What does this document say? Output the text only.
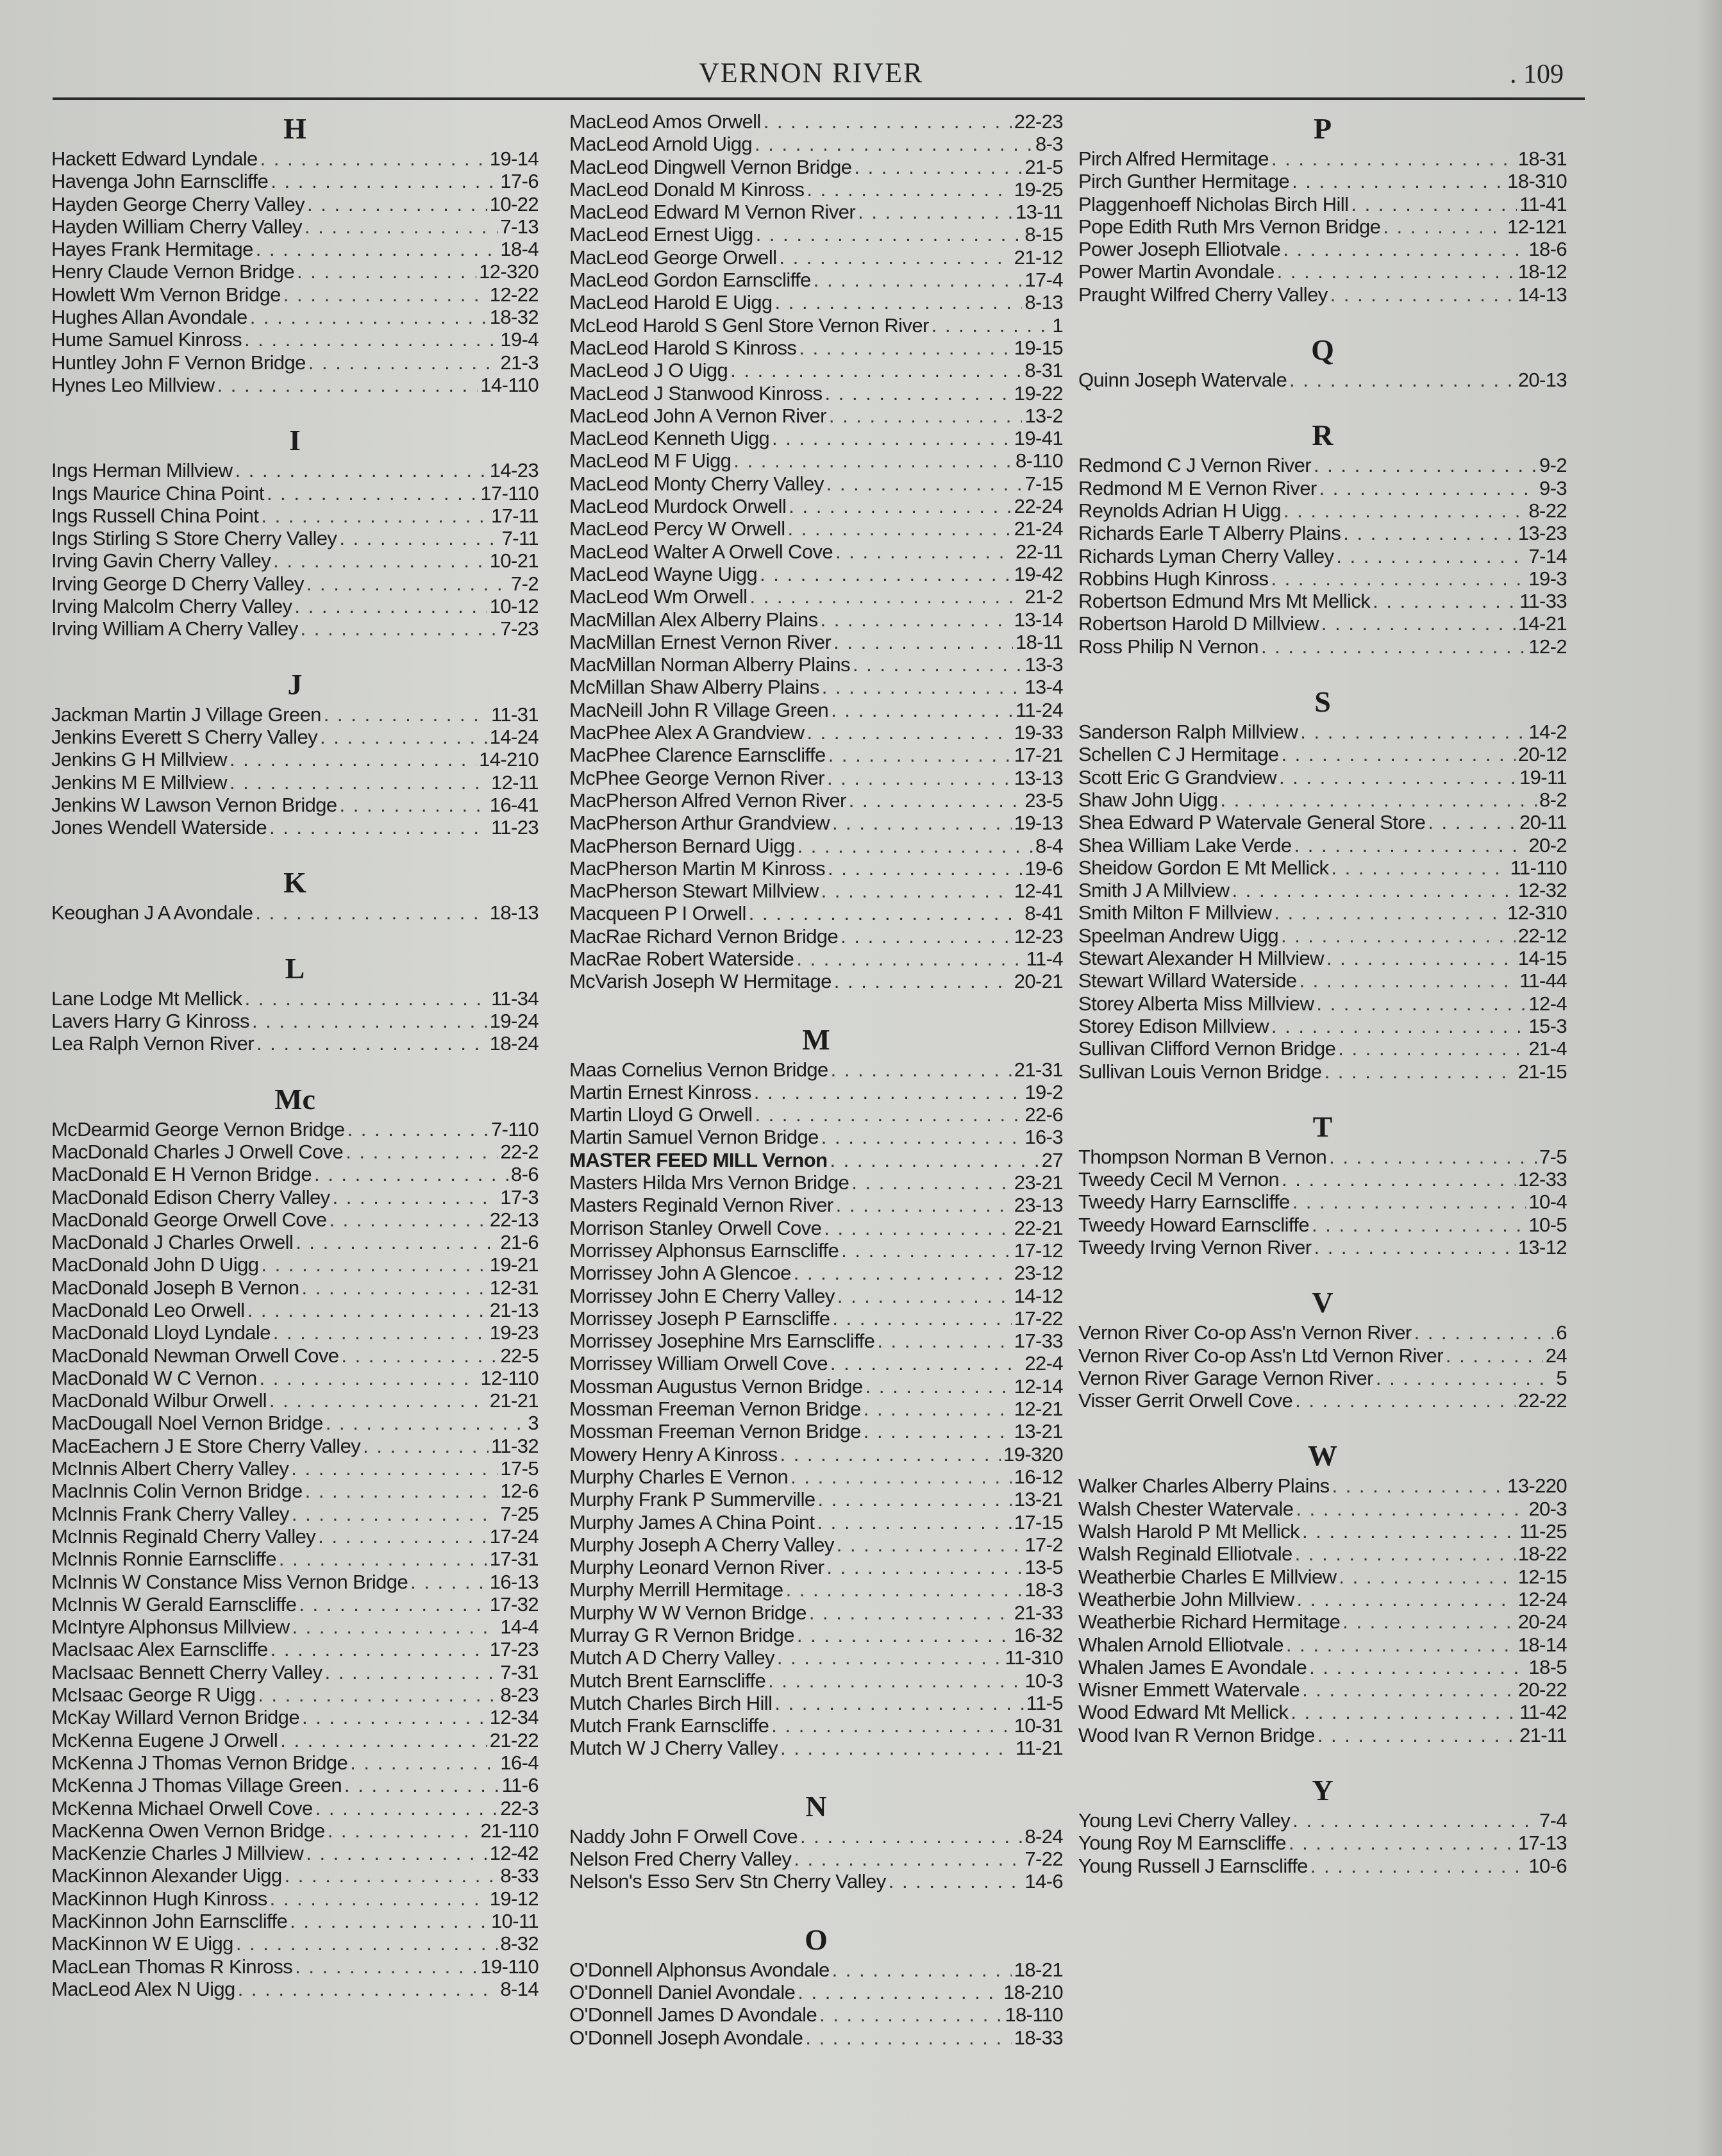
VERNON RIVER	. 109
H
Hackett Edward Lyndale . . .	19-14
Havenga John Earnscliffe . . .	17-6
Hayden George Cherry Valley . . .	10-22
Hayden William Cherry Valley . . .	7-13
Hayes Frank Hermitage . . .	18-4
Henry Claude Vernon Bridge . . .	12-320
Howlett Wm Vernon Bridge . . .	12-22
Hughes Allan Avondale . . .	18-32
Hume Samuel Kinross . . .	19-4
Huntley John F Vernon Bridge . . .	21-3
Hynes Leo Millview . . .	14-110
I
Ings Herman Millview . . .	14-23
Ings Maurice China Point . . .	17-110
Ings Russell China Point . . .	17-11
Ings Stirling S Store Cherry Valley . . .	7-11
Irving Gavin Cherry Valley . . .	10-21
Irving George D Cherry Valley . . .	7-2
Irving Malcolm Cherry Valley . . .	10-12
Irving William A Cherry Valley . . .	7-23
J
Jackman Martin J Village Green . . .	11-31
Jenkins Everett S Cherry Valley . . .	14-24
Jenkins G H Millview . . .	14-210
Jenkins M E Millview . . .	12-11
Jenkins W Lawson Vernon Bridge . . .	16-41
Jones Wendell Waterside . . .	11-23
K
Keoughan J A Avondale . . .	18-13
L
Lane Lodge Mt Mellick . . .	11-34
Lavers Harry G Kinross . . .	19-24
Lea Ralph Vernon River . . .	18-24
Mc
McDearmid George Vernon Bridge . . .	7-110
MacDonald Charles J Orwell Cove . . .	22-2
MacDonald E H Vernon Bridge . . .	8-6
MacDonald Edison Cherry Valley . . .	17-3
MacDonald George Orwell Cove . . .	22-13
MacDonald J Charles Orwell . . .	21-6
MacDonald John D Uigg . . .	19-21
MacDonald Joseph B Vernon . . .	12-31
MacDonald Leo Orwell . . .	21-13
MacDonald Lloyd Lyndale . . .	19-23
MacDonald Newman Orwell Cove . . .	22-5
MacDonald W C Vernon . . .	12-110
MacDonald Wilbur Orwell . . .	21-21
MacDougall Noel Vernon Bridge . . .	3
MacEachern J E Store Cherry Valley . . .	11-32
McInnis Albert Cherry Valley . . .	17-5
MacInnis Colin Vernon Bridge . . .	12-6
McInnis Frank Cherry Valley . . .	7-25
McInnis Reginald Cherry Valley . . .	17-24
McInnis Ronnie Earnscliffe . . .	17-31
McInnis W Constance Miss Vernon Bridge . . .	16-13
McInnis W Gerald Earnscliffe . . .	17-32
McIntyre Alphonsus Millview . . .	14-4
MacIsaac Alex Earnscliffe . . .	17-23
MacIsaac Bennett Cherry Valley . . .	7-31
McIsaac George R Uigg . . .	8-23
McKay Willard Vernon Bridge . . .	12-34
McKenna Eugene J Orwell . . .	21-22
McKenna J Thomas Vernon Bridge . . .	16-4
McKenna J Thomas Village Green . . .	11-6
McKenna Michael Orwell Cove . . .	22-3
MacKenna Owen Vernon Bridge . . .	21-110
MacKenzie Charles J Millview . . .	12-42
MacKinnon Alexander Uigg . . .	8-33
MacKinnon Hugh Kinross . . .	19-12
MacKinnon John Earnscliffe . . .	10-11
MacKinnon W E Uigg . . .	8-32
MacLean Thomas R Kinross . . .	19-110
MacLeod Alex N Uigg . . .	8-14
MacLeod Amos Orwell . . .	22-23
MacLeod Arnold Uigg . . .	8-3
MacLeod Dingwell Vernon Bridge . . .	21-5
MacLeod Donald M Kinross . . .	19-25
MacLeod Edward M Vernon River . . .	13-11
MacLeod Ernest Uigg . . .	8-15
MacLeod George Orwell . . .	21-12
MacLeod Gordon Earnscliffe . . .	17-4
MacLeod Harold E Uigg . . .	8-13
McLeod Harold S Genl Store Vernon River . . .	1
MacLeod Harold S Kinross . . .	19-15
MacLeod J O Uigg . . .	8-31
MacLeod J Stanwood Kinross . . .	19-22
MacLeod John A Vernon River . . .	13-2
MacLeod Kenneth Uigg . . .	19-41
MacLeod M F Uigg . . .	8-110
MacLeod Monty Cherry Valley . . .	7-15
MacLeod Murdock Orwell . . .	22-24
MacLeod Percy W Orwell . . .	21-24
MacLeod Walter A Orwell Cove . . .	22-11
MacLeod Wayne Uigg . . .	19-42
MacLeod Wm Orwell . . .	21-2
MacMillan Alex Alberry Plains . . .	13-14
MacMillan Ernest Vernon River . . .	18-11
MacMillan Norman Alberry Plains . . .	13-3
McMillan Shaw Alberry Plains . . .	13-4
MacNeill John R Village Green . . .	11-24
MacPhee Alex A Grandview . . .	19-33
MacPhee Clarence Earnscliffe . . .	17-21
McPhee George Vernon River . . .	13-13
MacPherson Alfred Vernon River . . .	23-5
MacPherson Arthur Grandview . . .	19-13
MacPherson Bernard Uigg . . .	8-4
MacPherson Martin M Kinross . . .	19-6
MacPherson Stewart Millview . . .	12-41
Macqueen P I Orwell . . .	8-41
MacRae Richard Vernon Bridge . . .	12-23
MacRae Robert Waterside . . .	11-4
McVarish Joseph W Hermitage . . .	20-21
M
Maas Cornelius Vernon Bridge . . .	21-31
Martin Ernest Kinross . . .	19-2
Martin Lloyd G Orwell . . .	22-6
Martin Samuel Vernon Bridge . . .	16-3
MASTER FEED MILL Vernon . . .	27
Masters Hilda Mrs Vernon Bridge . . .	23-21
Masters Reginald Vernon River . . .	23-13
Morrison Stanley Orwell Cove . . .	22-21
Morrissey Alphonsus Earnscliffe . . .	17-12
Morrissey John A Glencoe . . .	23-12
Morrissey John E Cherry Valley . . .	14-12
Morrissey Joseph P Earnscliffe . . .	17-22
Morrissey Josephine Mrs Earnscliffe . . .	17-33
Morrissey William Orwell Cove . . .	22-4
Mossman Augustus Vernon Bridge . . .	12-14
Mossman Freeman Vernon Bridge . . .	12-21
Mossman Freeman Vernon Bridge . . .	13-21
Mowery Henry A Kinross . . .	19-320
Murphy Charles E Vernon . . .	16-12
Murphy Frank P Summerville . . .	13-21
Murphy James A China Point . . .	17-15
Murphy Joseph A Cherry Valley . . .	17-2
Murphy Leonard Vernon River . . .	13-5
Murphy Merrill Hermitage . . .	18-3
Murphy W W Vernon Bridge . . .	21-33
Murray G R Vernon Bridge . . .	16-32
Mutch A D Cherry Valley . . .	11-310
Mutch Brent Earnscliffe . . .	10-3
Mutch Charles Birch Hill . . .	11-5
Mutch Frank Earnscliffe . . .	10-31
Mutch W J Cherry Valley . . .	11-21
N
Naddy John F Orwell Cove . . .	8-24
Nelson Fred Cherry Valley . . .	7-22
Nelson's Esso Serv Stn Cherry Valley . . .	14-6
O
O'Donnell Alphonsus Avondale . . .	18-21
O'Donnell Daniel Avondale . . .	18-210
O'Donnell James D Avondale . . .	18-110
O'Donnell Joseph Avondale . . .	18-33
P
Pirch Alfred Hermitage . . .	18-31
Pirch Gunther Hermitage . . .	18-310
Plaggenhoeff Nicholas Birch Hill . . .	11-41
Pope Edith Ruth Mrs Vernon Bridge . . .	12-121
Power Joseph Elliotvale . . .	18-6
Power Martin Avondale . . .	18-12
Praught Wilfred Cherry Valley . . .	14-13
Q
Quinn Joseph Watervale . . .	20-13
R
Redmond C J Vernon River . . .	9-2
Redmond M E Vernon River . . .	9-3
Reynolds Adrian H Uigg . . .	8-22
Richards Earle T Alberry Plains . . .	13-23
Richards Lyman Cherry Valley . . .	7-14
Robbins Hugh Kinross . . .	19-3
Robertson Edmund Mrs Mt Mellick . . .	11-33
Robertson Harold D Millview . . .	14-21
Ross Philip N Vernon . . .	12-2
S
Sanderson Ralph Millview . . .	14-2
Schellen C J Hermitage . . .	20-12
Scott Eric G Grandview . . .	19-11
Shaw John Uigg . . .	8-2
Shea Edward P Watervale General Store . . .	20-11
Shea William Lake Verde . . .	20-2
Sheidow Gordon E Mt Mellick . . .	11-110
Smith J A Millview . . .	12-32
Smith Milton F Millview . . .	12-310
Speelman Andrew Uigg . . .	22-12
Stewart Alexander H Millview . . .	14-15
Stewart Willard Waterside . . .	11-44
Storey Alberta Miss Millview . . .	12-4
Storey Edison Millview . . .	15-3
Sullivan Clifford Vernon Bridge . . .	21-4
Sullivan Louis Vernon Bridge . . .	21-15
T
Thompson Norman B Vernon . . .	7-5
Tweedy Cecil M Vernon . . .	12-33
Tweedy Harry Earnscliffe . . .	10-4
Tweedy Howard Earnscliffe . . .	10-5
Tweedy Irving Vernon River . . .	13-12
V
Vernon River Co-op Ass'n Vernon River . . .	6
Vernon River Co-op Ass'n Ltd Vernon River . . .	24
Vernon River Garage Vernon River . . .	5
Visser Gerrit Orwell Cove . . .	22-22
W
Walker Charles Alberry Plains . . .	13-220
Walsh Chester Watervale . . .	20-3
Walsh Harold P Mt Mellick . . .	11-25
Walsh Reginald Elliotvale . . .	18-22
Weatherbie Charles E Millview . . .	12-15
Weatherbie John Millview . . .	12-24
Weatherbie Richard Hermitage . . .	20-24
Whalen Arnold Elliotvale . . .	18-14
Whalen James E Avondale . . .	18-5
Wisner Emmett Watervale . . .	20-22
Wood Edward Mt Mellick . . .	11-42
Wood Ivan R Vernon Bridge . . .	21-11
Y
Young Levi Cherry Valley . . .	7-4
Young Roy M Earnscliffe . . .	17-13
Young Russell J Earnscliffe . . .	10-6
